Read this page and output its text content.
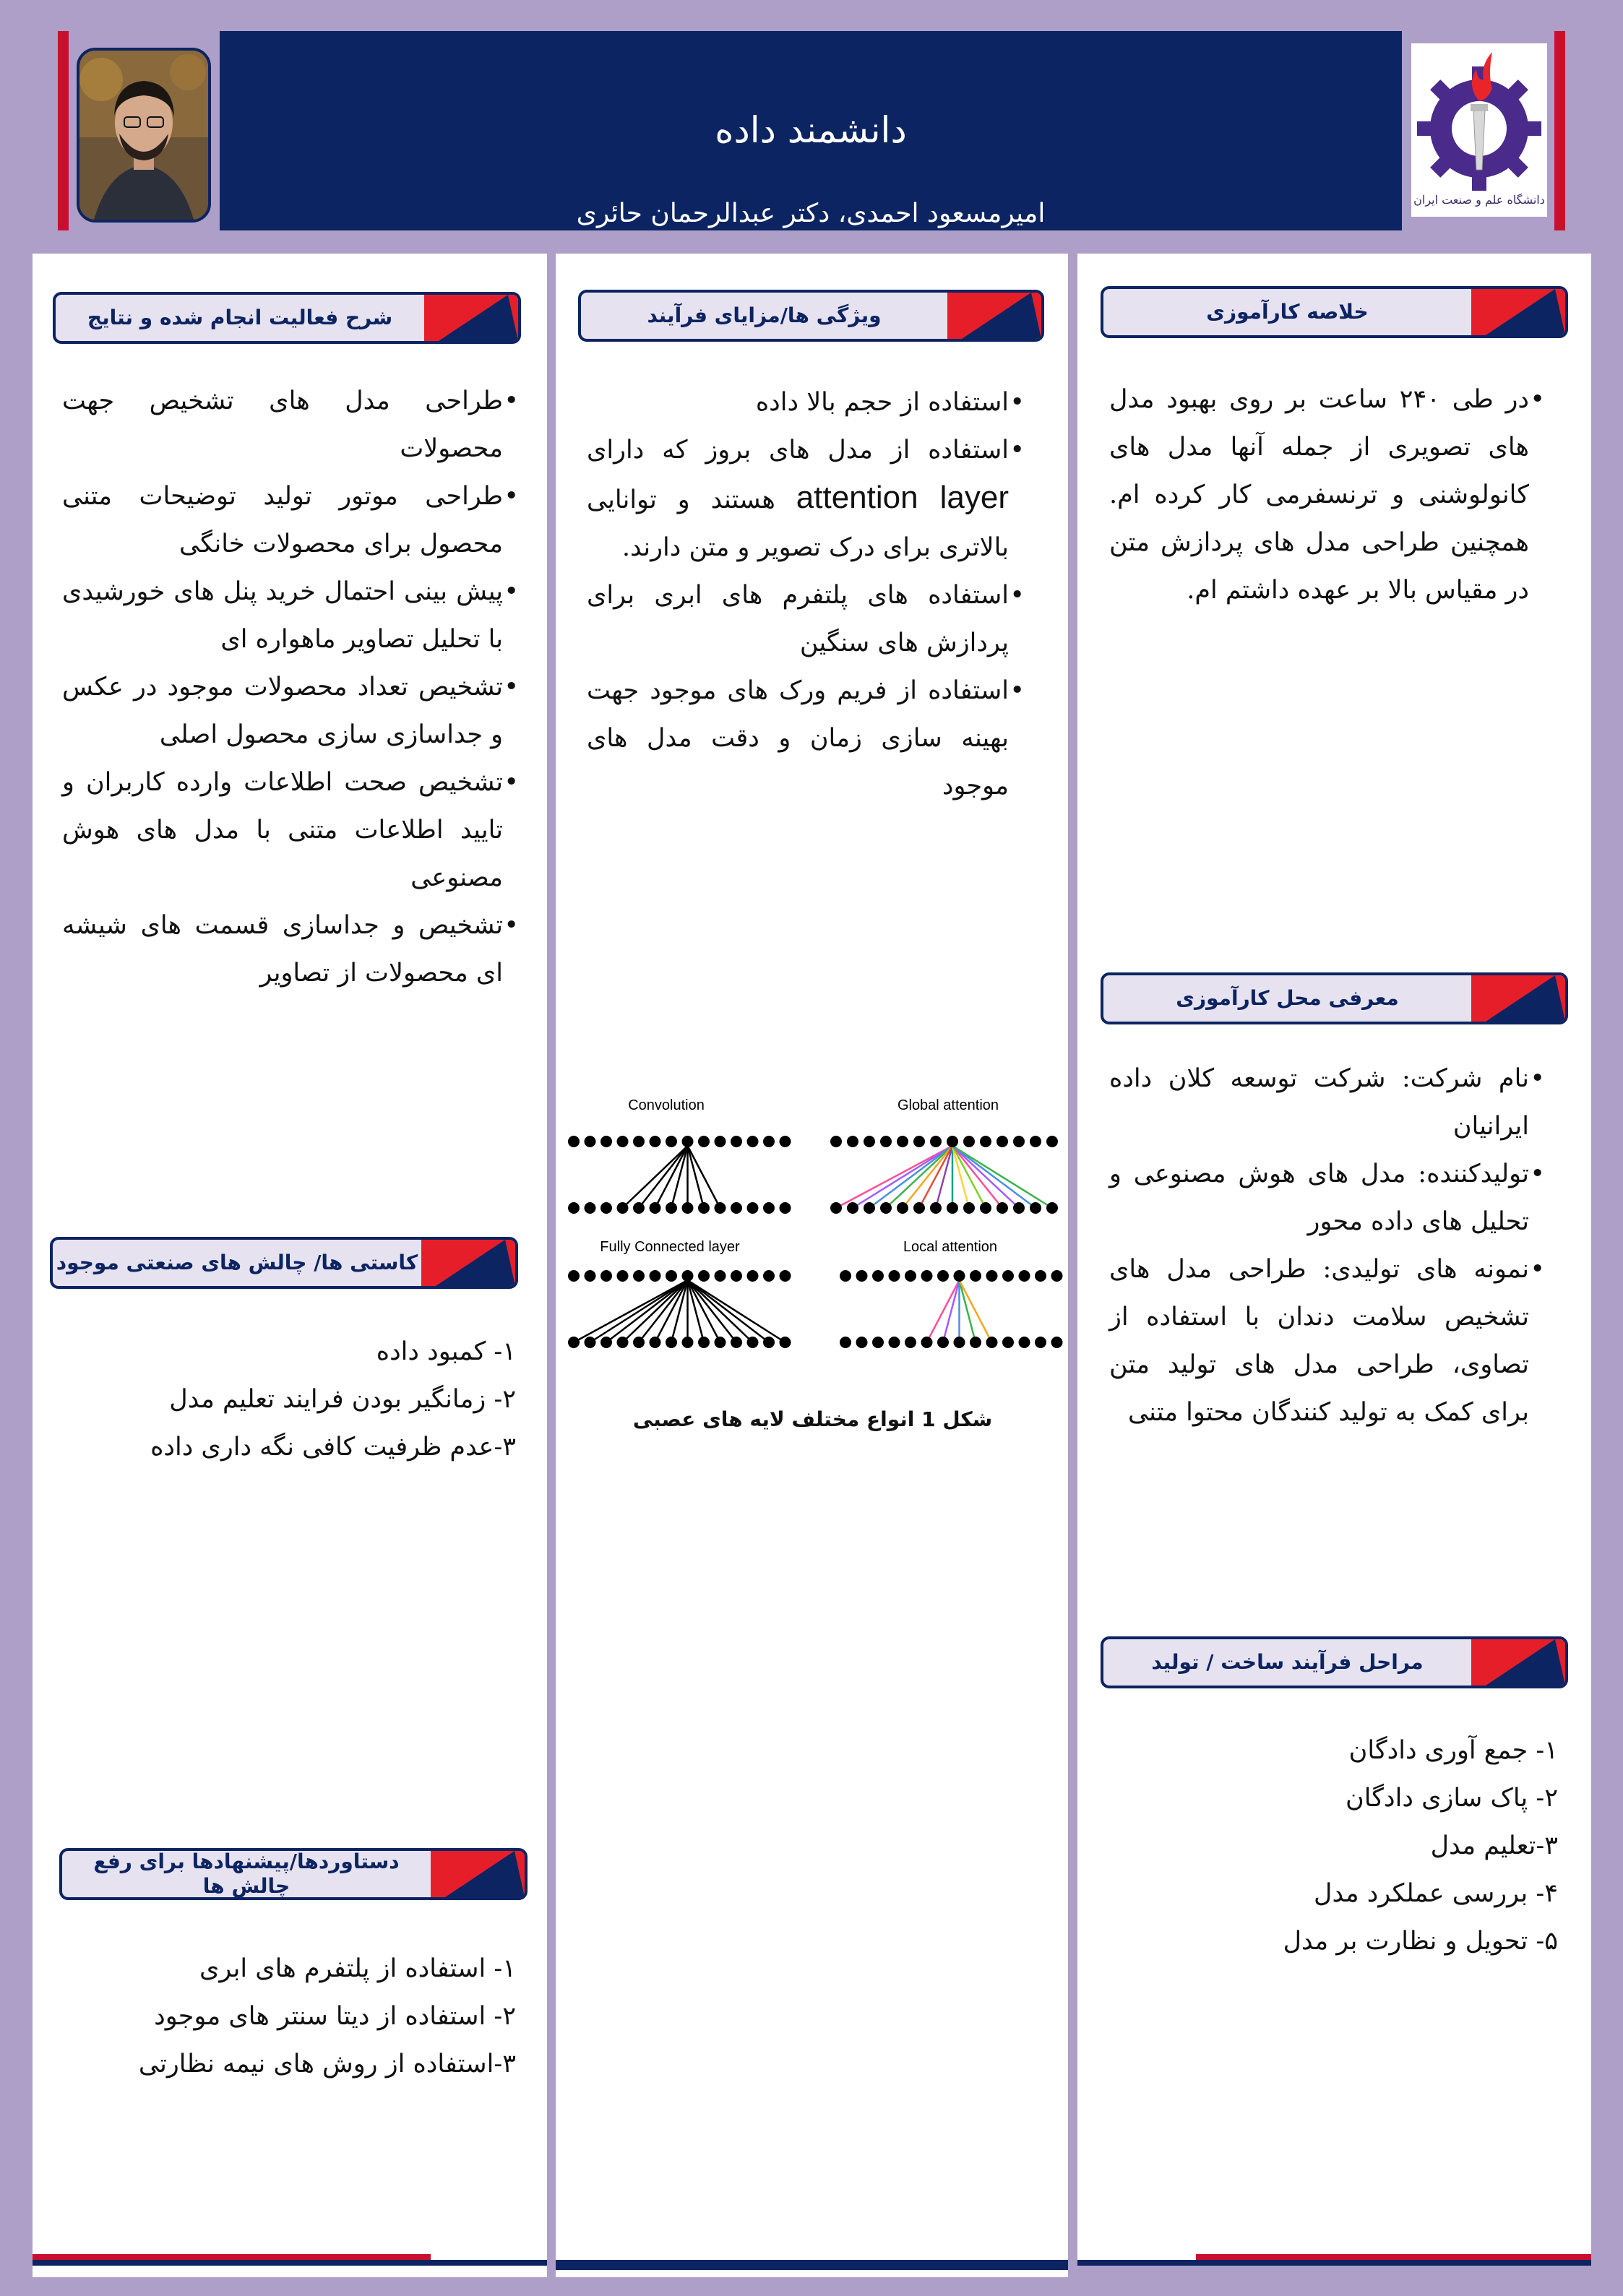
دانشمند داده
امیرمسعود احمدی، دکتر عبدالرحمان حائری	دانشگاه علم و صنعت ایران
خلاصه کارآموزی
• در طی ۲۴۰ ساعت بر روی بهبود مدل های تصویری از جمله آنها مدل های کانولوشنی و ترنسفرمی کار کرده ام. همچنین طراحی مدل های پردازش متن در مقیاس بالا بر عهده داشتم ام.
معرفی محل کارآموزی
• نام شرکت: شرکت توسعه کلان داده ایرانیان
• تولیدکننده: مدل های هوش مصنوعی و تحلیل های داده محور
• نمونه های تولیدی: طراحی مدل های تشخیص سلامت دندان با استفاده از تصاوی، طراحی مدل های تولید متن برای کمک به تولید کنندگان محتوا متنی
مراحل فرآیند ساخت / تولید
۱- جمع آوری دادگان
۲- پاک سازی دادگان
۳-تعلیم مدل
۴- بررسی عملکرد مدل
۵- تحویل و نظارت بر مدل
ویژگی ها/مزایای فرآیند
• استفاده از حجم بالا داده
• استفاده از مدل های بروز که دارای attention layer هستند و توانایی بالاتری برای درک تصویر و متن دارند.
• استفاده های پلتفرم های ابری برای پردازش های سنگین
• استفاده از فریم ورک های موجود جهت بهینه سازی زمان و دقت مدل های موجود
Convolution	Global attention
Fully Connected layer	Local attention
شکل 1 انواع مختلف لایه های عصبی
شرح فعالیت انجام شده و نتایج
• طراحی مدل های تشخیص جهت محصولات
• طراحی موتور تولید توضیحات متنی محصول برای محصولات خانگی
• پیش بینی احتمال خرید پنل های خورشیدی با تحلیل تصاویر ماهواره ای
• تشخیص تعداد محصولات موجود در عکس و جداسازی سازی محصول اصلی
• تشخیص صحت اطلاعات وارده کاربران و تایید اطلاعات متنی با مدل های هوش مصنوعی
• تشخیص و جداسازی قسمت های شیشه ای محصولات از تصاویر
کاستی ها/ چالش های صنعتی موجود
۱- کمبود داده
۲- زمانگیر بودن فرایند تعلیم مدل
۳-عدم ظرفیت کافی نگه داری داده
دستاوردها/پیشنهادها برای رفع چالش ها
۱- استفاده از پلتفرم های ابری
۲- استفاده از دیتا سنتر های موجود
۳-استفاده از روش های نیمه نظارتی
